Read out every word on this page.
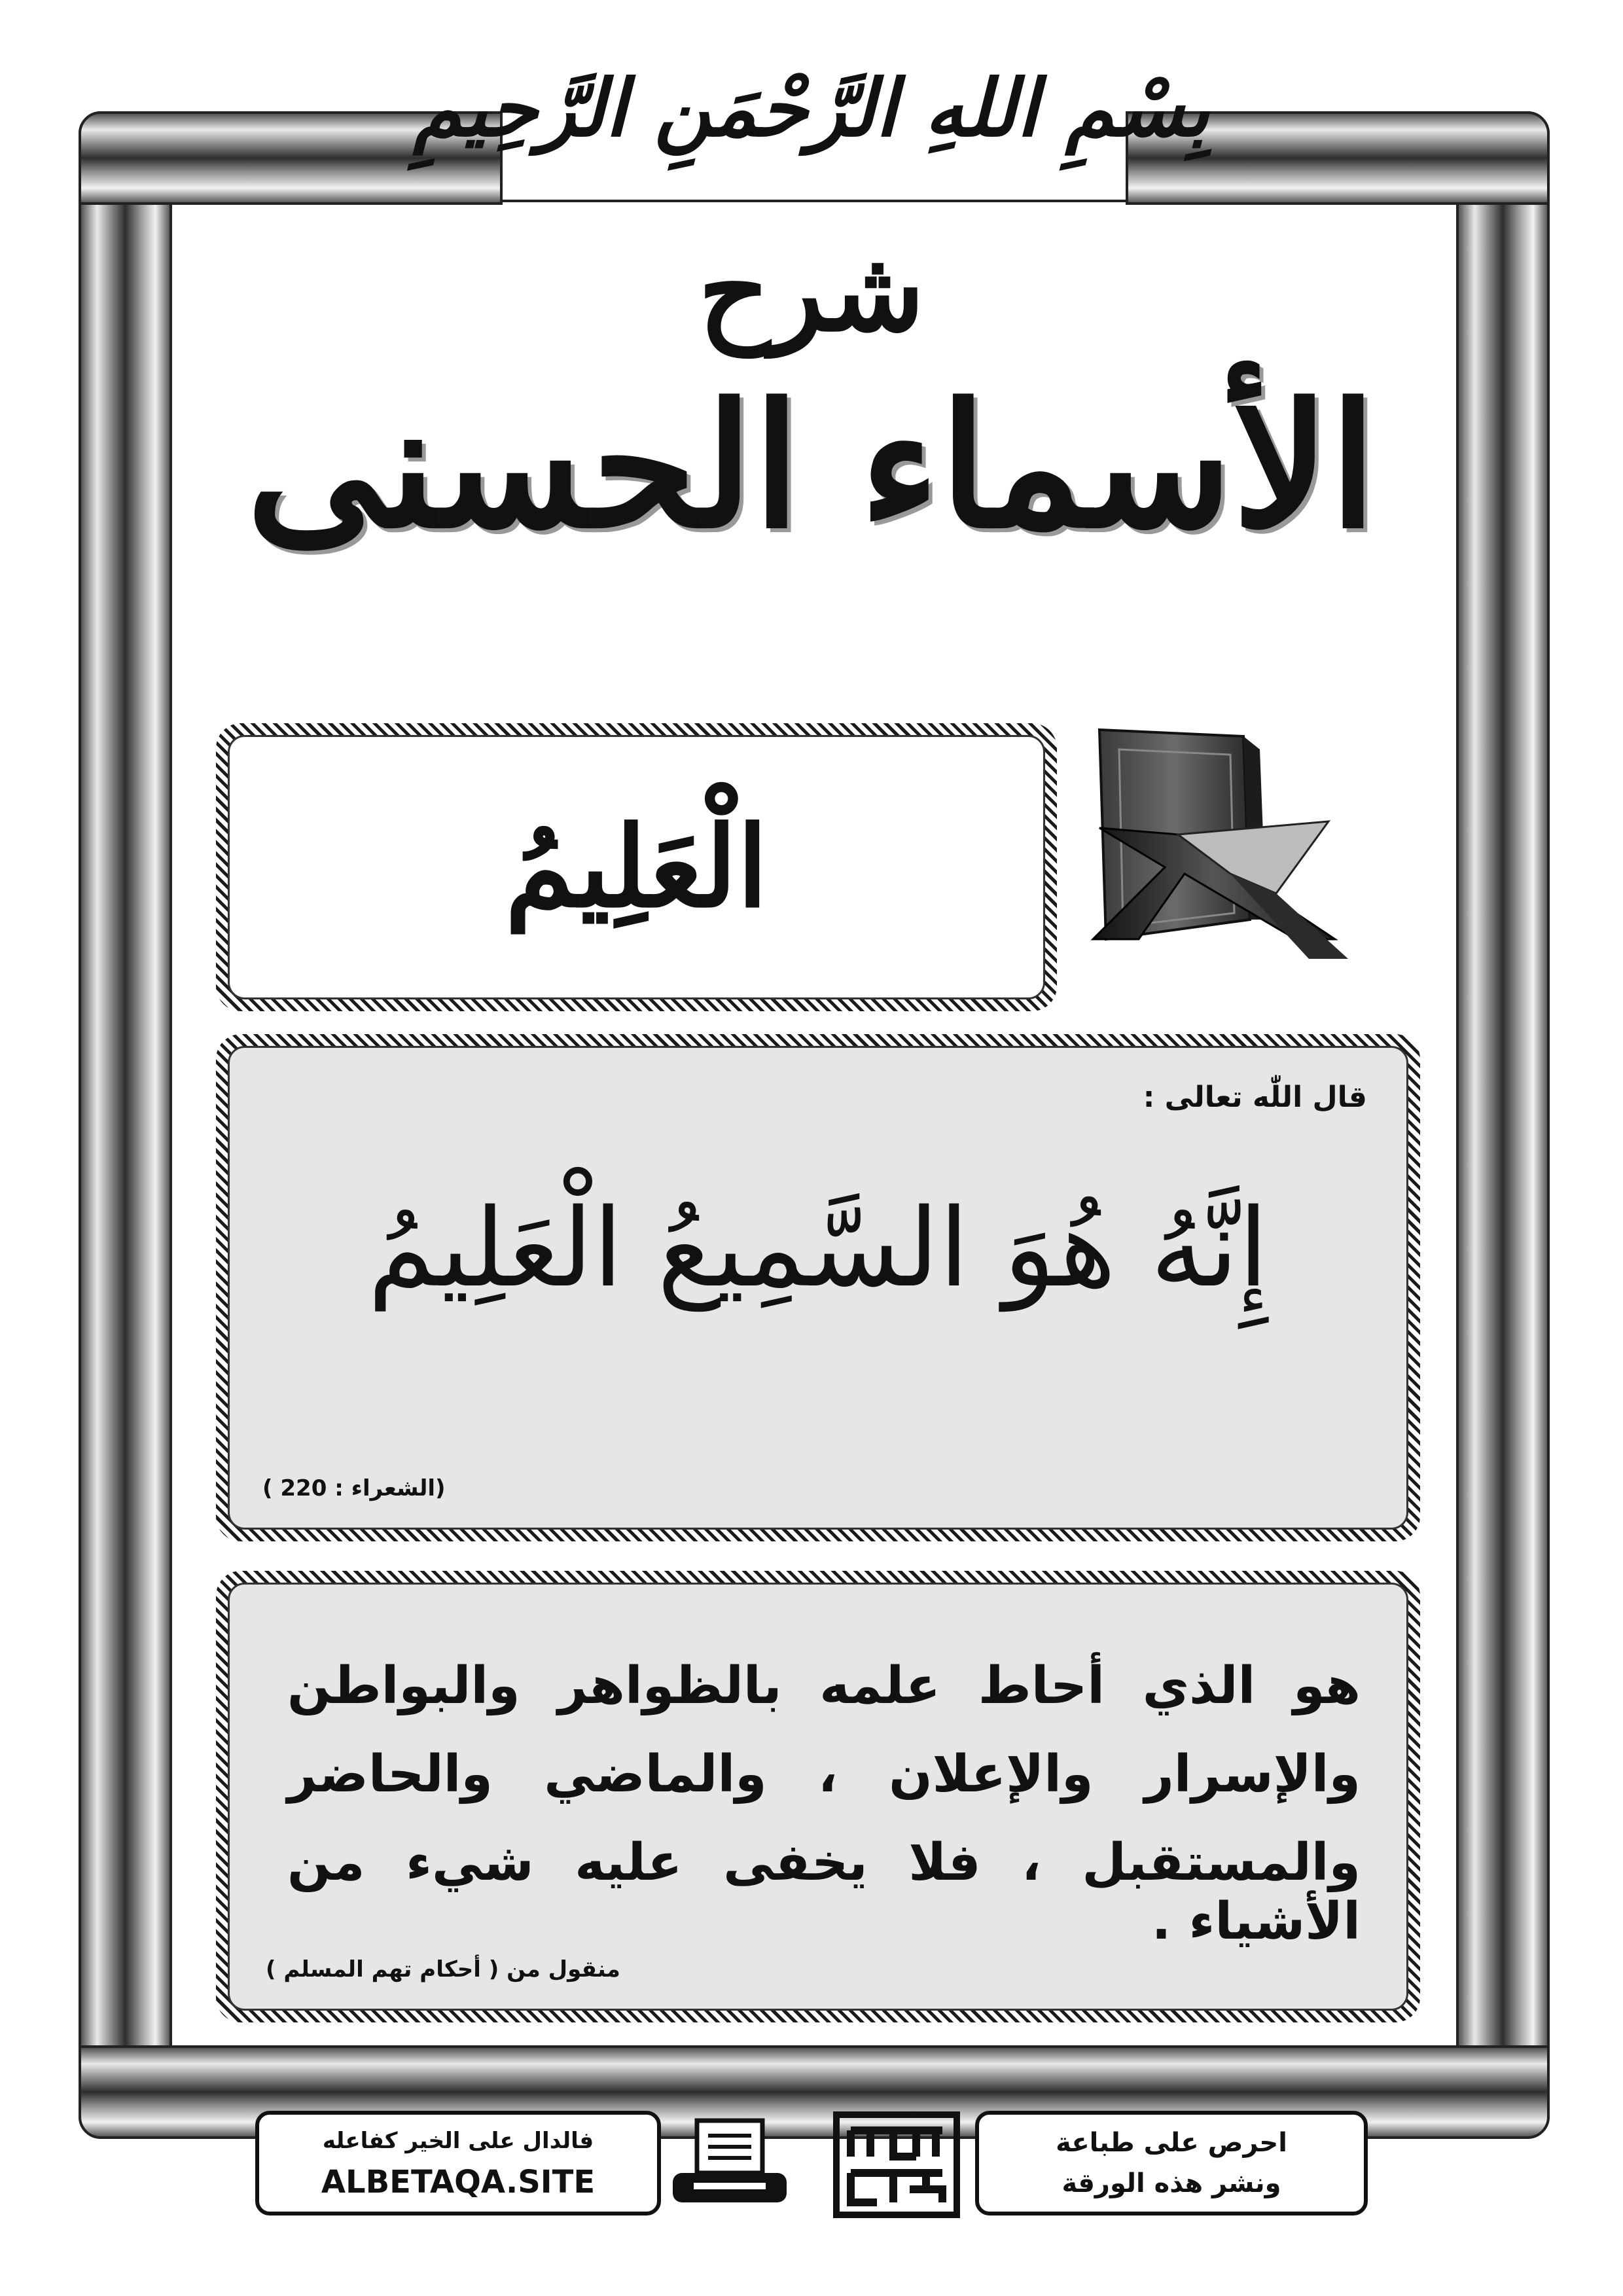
بِسْمِ اللهِ الرَّحْمَنِ الرَّحِيمِ
شرح
الأسماء الحسنى
الْعَلِيمُ
قال اللّٰه تعالى :
إِنَّهُ هُوَ السَّمِيعُ الْعَلِيمُ
(الشعراء : 220 )
هو الذي أحاط علمه بالظواهر والبواطن
والإسرار والإعلان ، والماضي والحاضر
والمستقبل ، فلا يخفى عليه شيء من الأشياء .
منقول من ( أحكام تهم المسلم )
احرص على طباعة
ونشر هذه الورقة
فالدال على الخير كفاعله
ALBETAQA.SITE
